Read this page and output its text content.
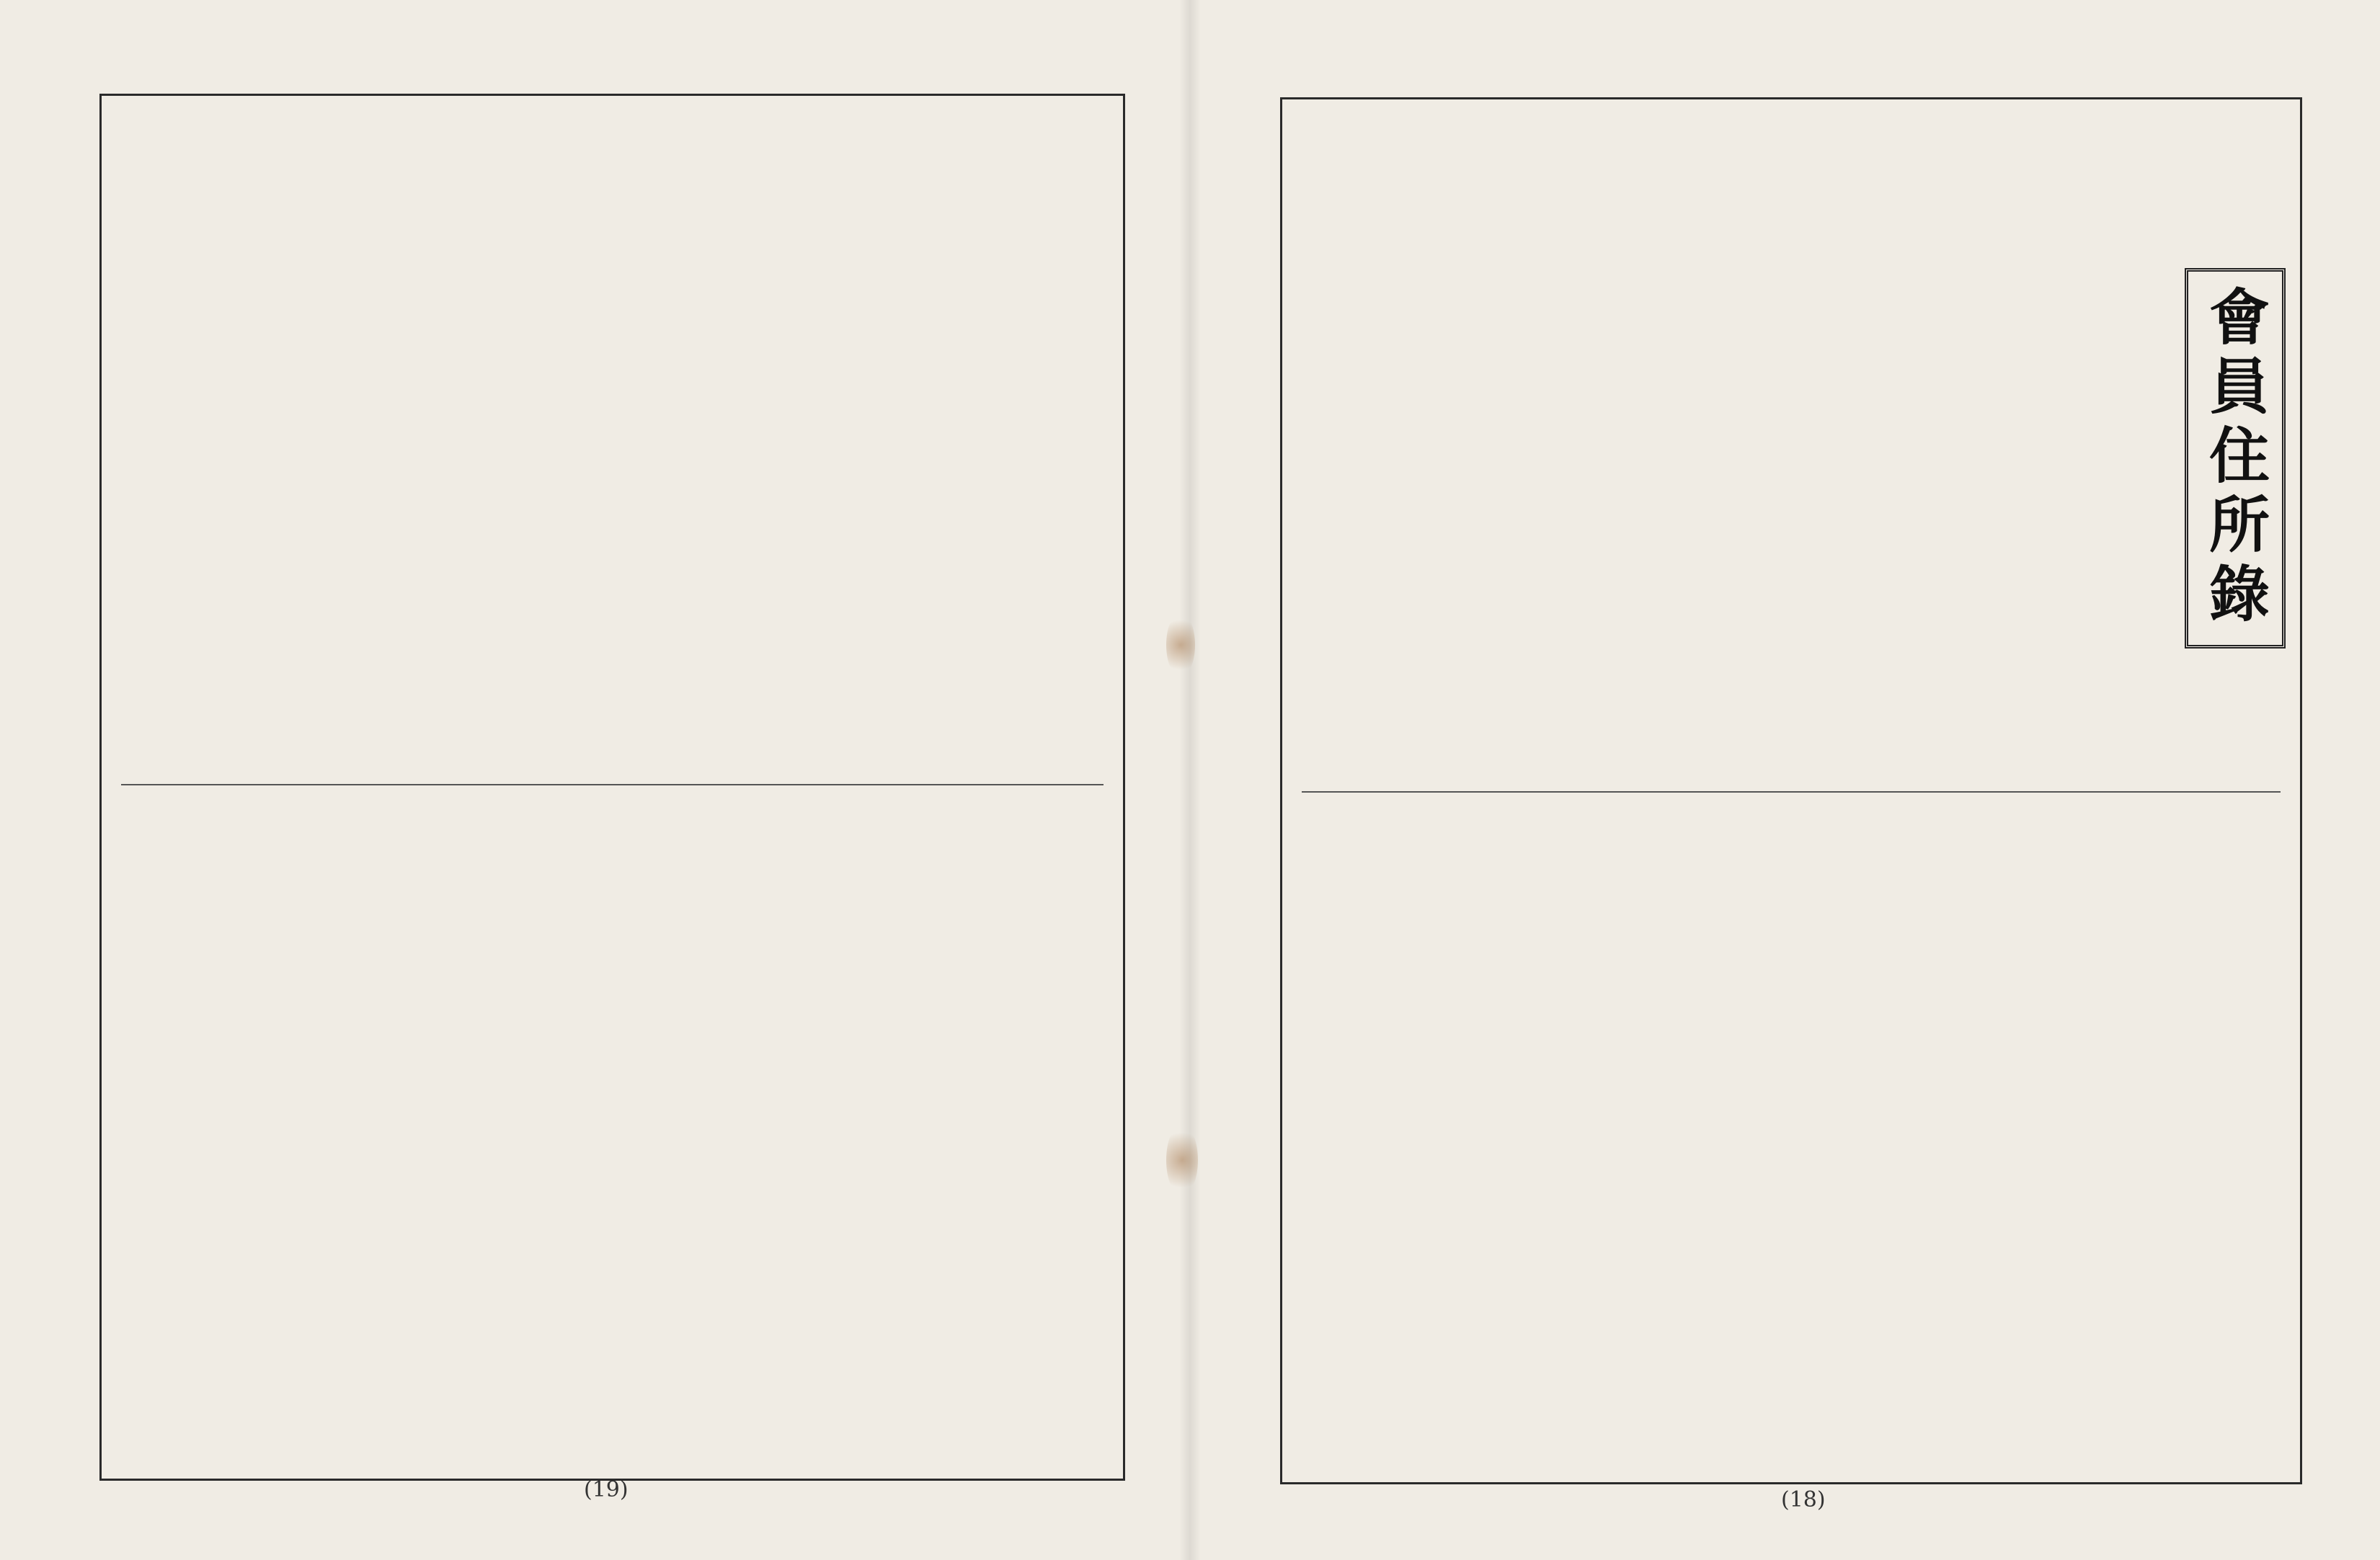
(19)
會員住所錄
(18)
